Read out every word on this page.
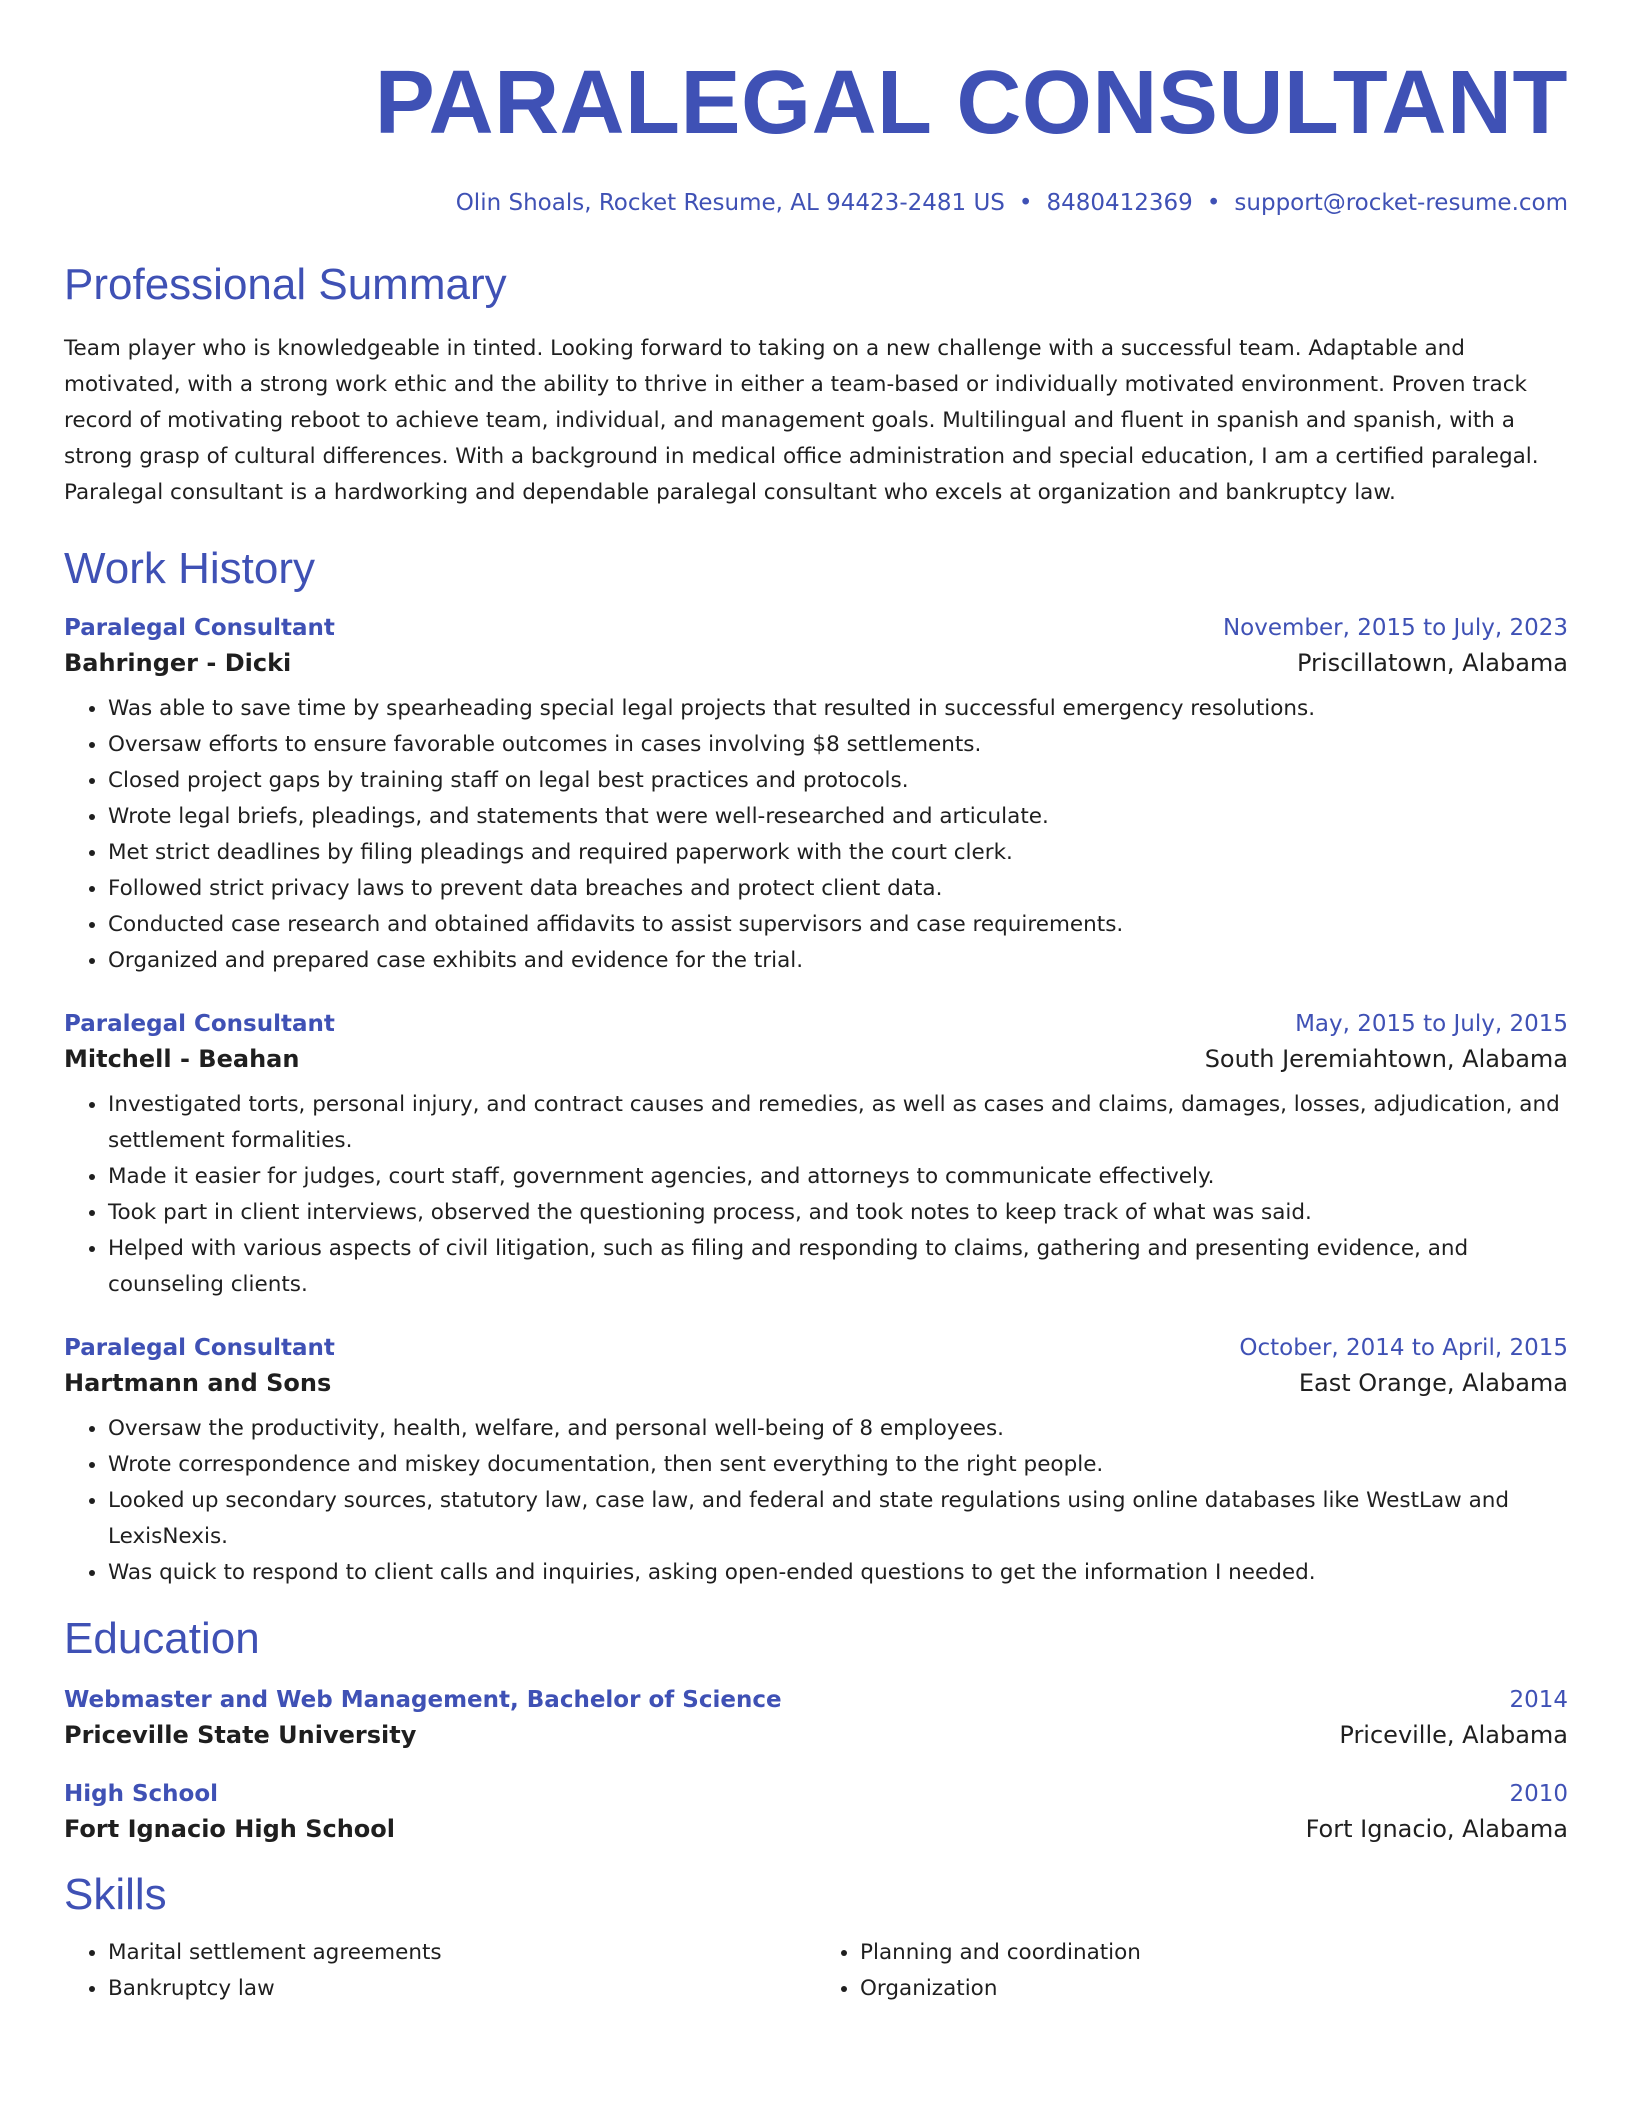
PARALEGAL CONSULTANT
Olin Shoals, Rocket Resume, AL 94423-2481 US • 8480412369 • support@rocket-resume.com
Professional Summary

Team player who is knowledgeable in tinted. Looking forward to taking on a new challenge with a successful team. Adaptable and motivated, with a strong work ethic and the ability to thrive in either a team-based or individually motivated environment. Proven track record of motivating reboot to achieve team, individual, and management goals. Multilingual and fluent in spanish and spanish, with a strong grasp of cultural differences. With a background in medical office administration and special education, I am a certified paralegal. Paralegal consultant is a hardworking and dependable paralegal consultant who excels at organization and bankruptcy law.

Work History
Paralegal Consultant	November, 2015 to July, 2023
Bahringer - Dicki	Priscillatown, Alabama
• Was able to save time by spearheading special legal projects that resulted in successful emergency resolutions.
• Oversaw efforts to ensure favorable outcomes in cases involving $8 settlements.
• Closed project gaps by training staff on legal best practices and protocols.
• Wrote legal briefs, pleadings, and statements that were well-researched and articulate.
• Met strict deadlines by filing pleadings and required paperwork with the court clerk.
• Followed strict privacy laws to prevent data breaches and protect client data.
• Conducted case research and obtained affidavits to assist supervisors and case requirements.
• Organized and prepared case exhibits and evidence for the trial.
Paralegal Consultant	May, 2015 to July, 2015
Mitchell - Beahan	South Jeremiahtown, Alabama
• Investigated torts, personal injury, and contract causes and remedies, as well as cases and claims, damages, losses, adjudication, and settlement formalities.
• Made it easier for judges, court staff, government agencies, and attorneys to communicate effectively.
• Took part in client interviews, observed the questioning process, and took notes to keep track of what was said.
• Helped with various aspects of civil litigation, such as filing and responding to claims, gathering and presenting evidence, and counseling clients.
Paralegal Consultant	October, 2014 to April, 2015
Hartmann and Sons	East Orange, Alabama
• Oversaw the productivity, health, welfare, and personal well-being of 8 employees.
• Wrote correspondence and miskey documentation, then sent everything to the right people.
• Looked up secondary sources, statutory law, case law, and federal and state regulations using online databases like WestLaw and LexisNexis.
• Was quick to respond to client calls and inquiries, asking open-ended questions to get the information I needed.
Education
Webmaster and Web Management, Bachelor of Science	2014
Priceville State University	Priceville, Alabama
High School	2010
Fort Ignacio High School	Fort Ignacio, Alabama
Skills
• Marital settlement agreements
• Bankruptcy law
• Planning and coordination
• Organization
